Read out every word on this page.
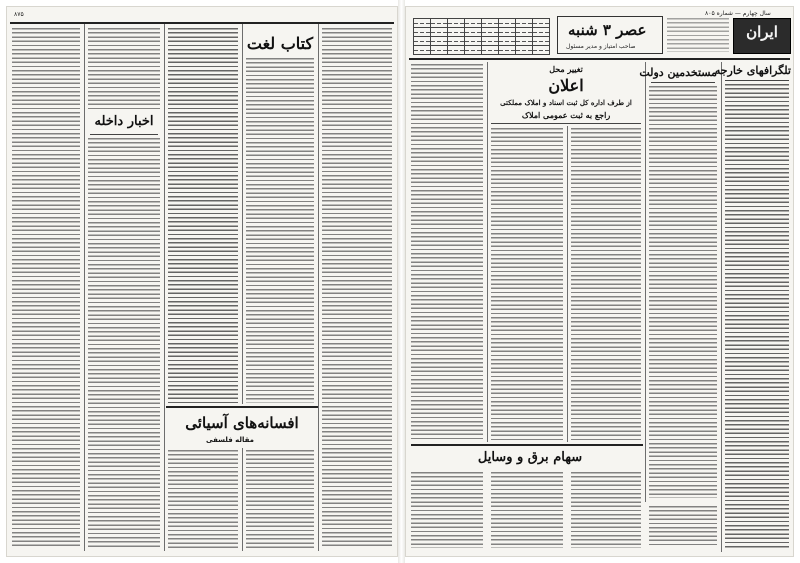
۸۷۵
اخبار داخله
کتاب لغت
افسانه‌های آسیائی
مقاله فلسفی
سال چهارم — شماره ۸۰۵
ایران
عصر ۳ شنبه
صاحب امتیاز و مدیر مسئول

تلگرافهای خارجه
مستخدمین دولت
تغییر محل
اعلان
از طرف اداره کل ثبت اسناد و املاک مملکتی
راجع به ثبت عمومی املاک
سهام برق و وسایل
